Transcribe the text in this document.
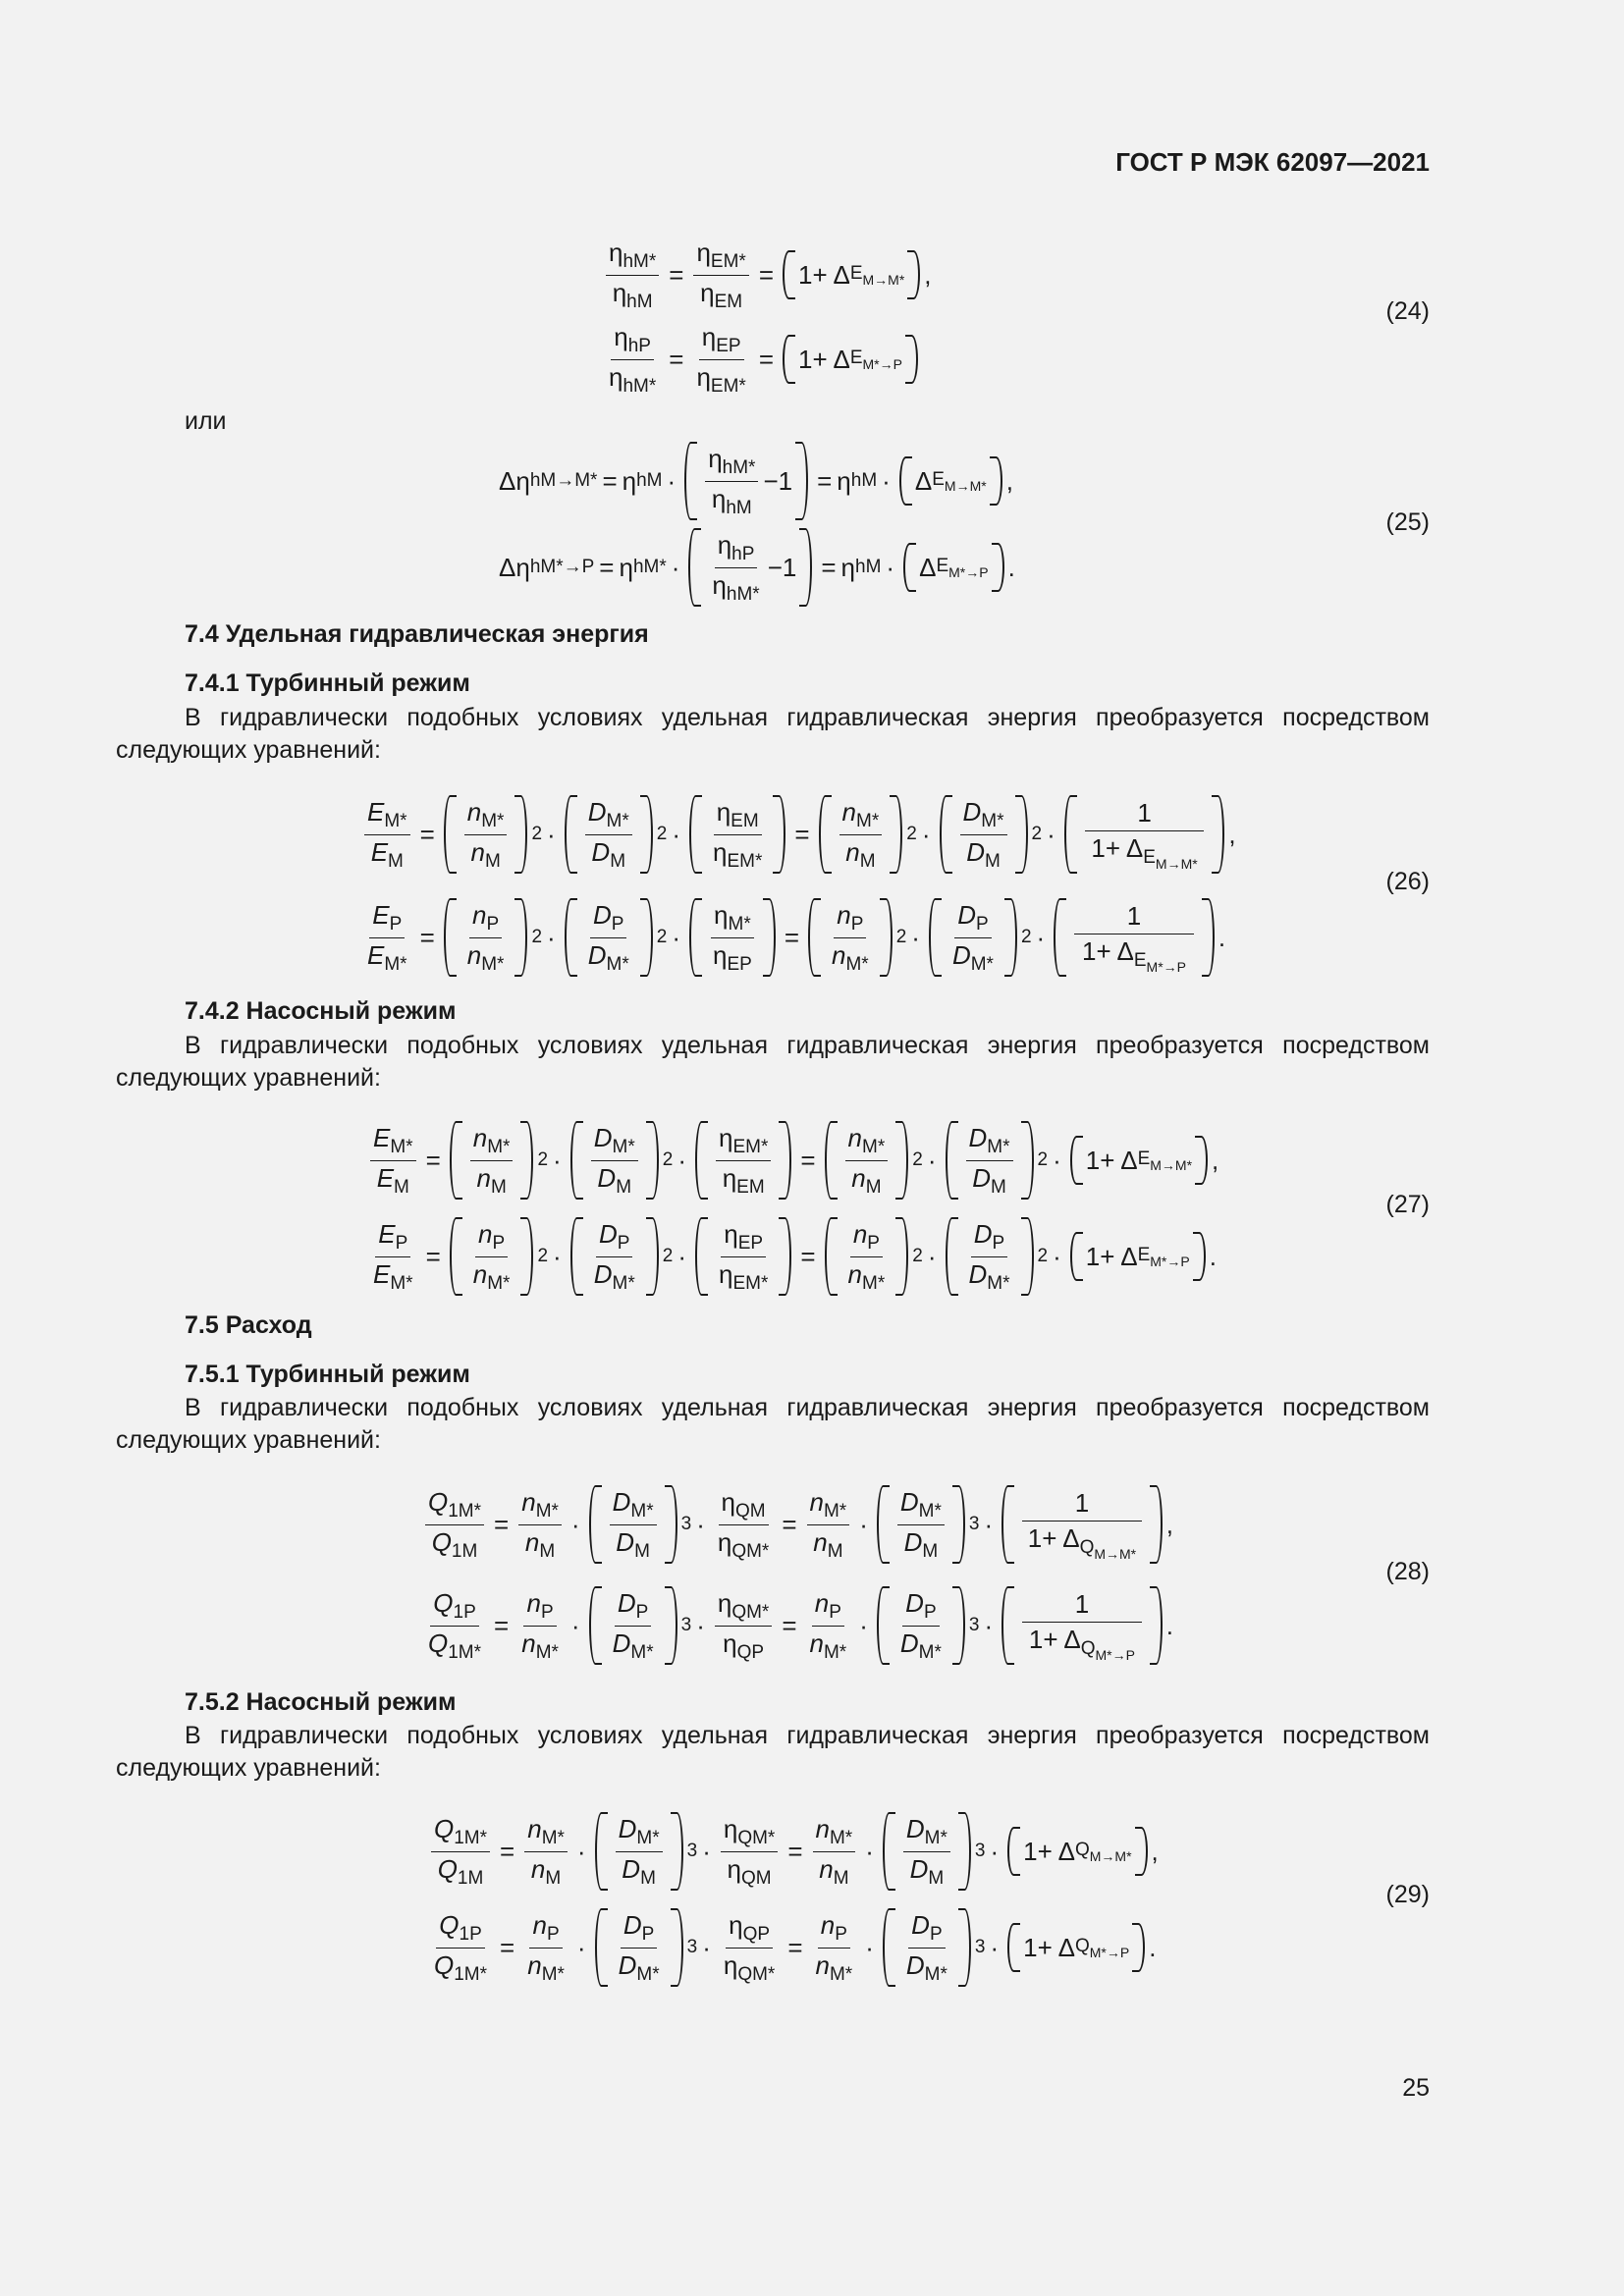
ГОСТ Р МЭК 62097—2021
$\eta_{hM*}$
$\eta_{hM}$
=
$\eta_{EM*}$
$\eta_{EM}$
= 1+ Δ $E_{M\to M*}$ ,
$\eta_{hP}$
$\eta_{hM*}$
=
$\eta_{EP}$
$\eta_{EM*}$
= 1+ Δ $E_{M*\to P}$
(24)
или
Δη hM→M* = η hM ·
$\eta_{hM*}$
$\eta_{hM}$
−1 = η hM · Δ $E_{M\to M*}$ ,
Δη hM*→P = η hM* ·
$\eta_{hP}$
$\eta_{hM*}$
−1 = η hM · Δ $E_{M*\to P}$ .
(25)
7.4 Удельная гидравлическая энергия
7.4.1 Турбинный режим
В гидравлически подобных условиях удельная гидравлическая энергия преобразуется посредством следующих уравнений:
$\frac{E_{M*}}{E_M}$ =
$n_{M*}$
$n_M$
2 ·
$D_{M*}$
$D_M$
2 ·
$\eta_{EM}$
$\eta_{EM*}$
=
$n_{M*}$
$n_M$
2 ·
$D_{M*}$
$D_M$
2 ·
1
$1+ \Delta_{E_{M\to M*}}$
,
$\frac{E_P}{E_{M*}}$ =
$n_P$
$n_{M*}$
2 ·
$D_P$
$D_{M*}$
2 ·
$\eta_{M*}$
$\eta_{EP}$
=
$n_P$
$n_{M*}$
2 ·
$D_P$
$D_{M*}$
2 ·
1
$1+ \Delta_{E_{M*\to P}}$
.
(26)
7.4.2 Насосный режим
В гидравлически подобных условиях удельная гидравлическая энергия преобразуется посредством следующих уравнений:
$\frac{E_{M*}}{E_M}$ =
$n_{M*}$
$n_M$
2 ·
$D_{M*}$
$D_M$
2 ·
$\eta_{EM*}$
$\eta_{EM}$
=
$n_{M*}$
$n_M$
2 ·
$D_{M*}$
$D_M$
2 · 1+ Δ $E_{M\to M*}$ ,
$\frac{E_P}{E_{M*}}$ =
$n_P$
$n_{M*}$
2 ·
$D_P$
$D_{M*}$
2 ·
$\eta_{EP}$
$\eta_{EM*}$
=
$n_P$
$n_{M*}$
2 ·
$D_P$
$D_{M*}$
2 · 1+ Δ $E_{M*\to P}$ .
(27)
7.5 Расход
7.5.1 Турбинный режим
В гидравлически подобных условиях удельная гидравлическая энергия преобразуется посредством следующих уравнений:
$\frac{Q_{1M*}}{Q_{1M}} = \frac{n_{M*}}{n_M}$ ·
$D_{M*}$
$D_M$
3 ·
$\eta_{QM}$
$\eta_{QM*}$
= $\frac{n_{M*}}{n_M}$ ·
$D_{M*}$
$D_M$
3 ·
1
$1+ \Delta_{Q_{M\to M*}}$
,
$\frac{Q_{1P}}{Q_{1M*}} = \frac{n_P}{n_{M*}}$ ·
$D_P$
$D_{M*}$
3 ·
$\eta_{QM*}$
$\eta_{QP}$
= $\frac{n_P}{n_{M*}}$ ·
$D_P$
$D_{M*}$
3 ·
1
$1+ \Delta_{Q_{M*\to P}}$
.
(28)
7.5.2 Насосный режим
В гидравлически подобных условиях удельная гидравлическая энергия преобразуется посредством следующих уравнений:
$\frac{Q_{1M*}}{Q_{1M}} = \frac{n_{M*}}{n_M}$ ·
$D_{M*}$
$D_M$
3 ·
$\eta_{QM*}$
$\eta_{QM}$
= $\frac{n_{M*}}{n_M}$ ·
$D_{M*}$
$D_M$
3 · 1+ Δ $Q_{M\to M*}$ ,
$\frac{Q_{1P}}{Q_{1M*}} = \frac{n_P}{n_{M*}}$ ·
$D_P$
$D_{M*}$
3 ·
$\eta_{QP}$
$\eta_{QM*}$
= $\frac{n_P}{n_{M*}}$ ·
$D_P$
$D_{M*}$
3 · 1+ Δ $Q_{M*\to P}$ .
(29)
25
